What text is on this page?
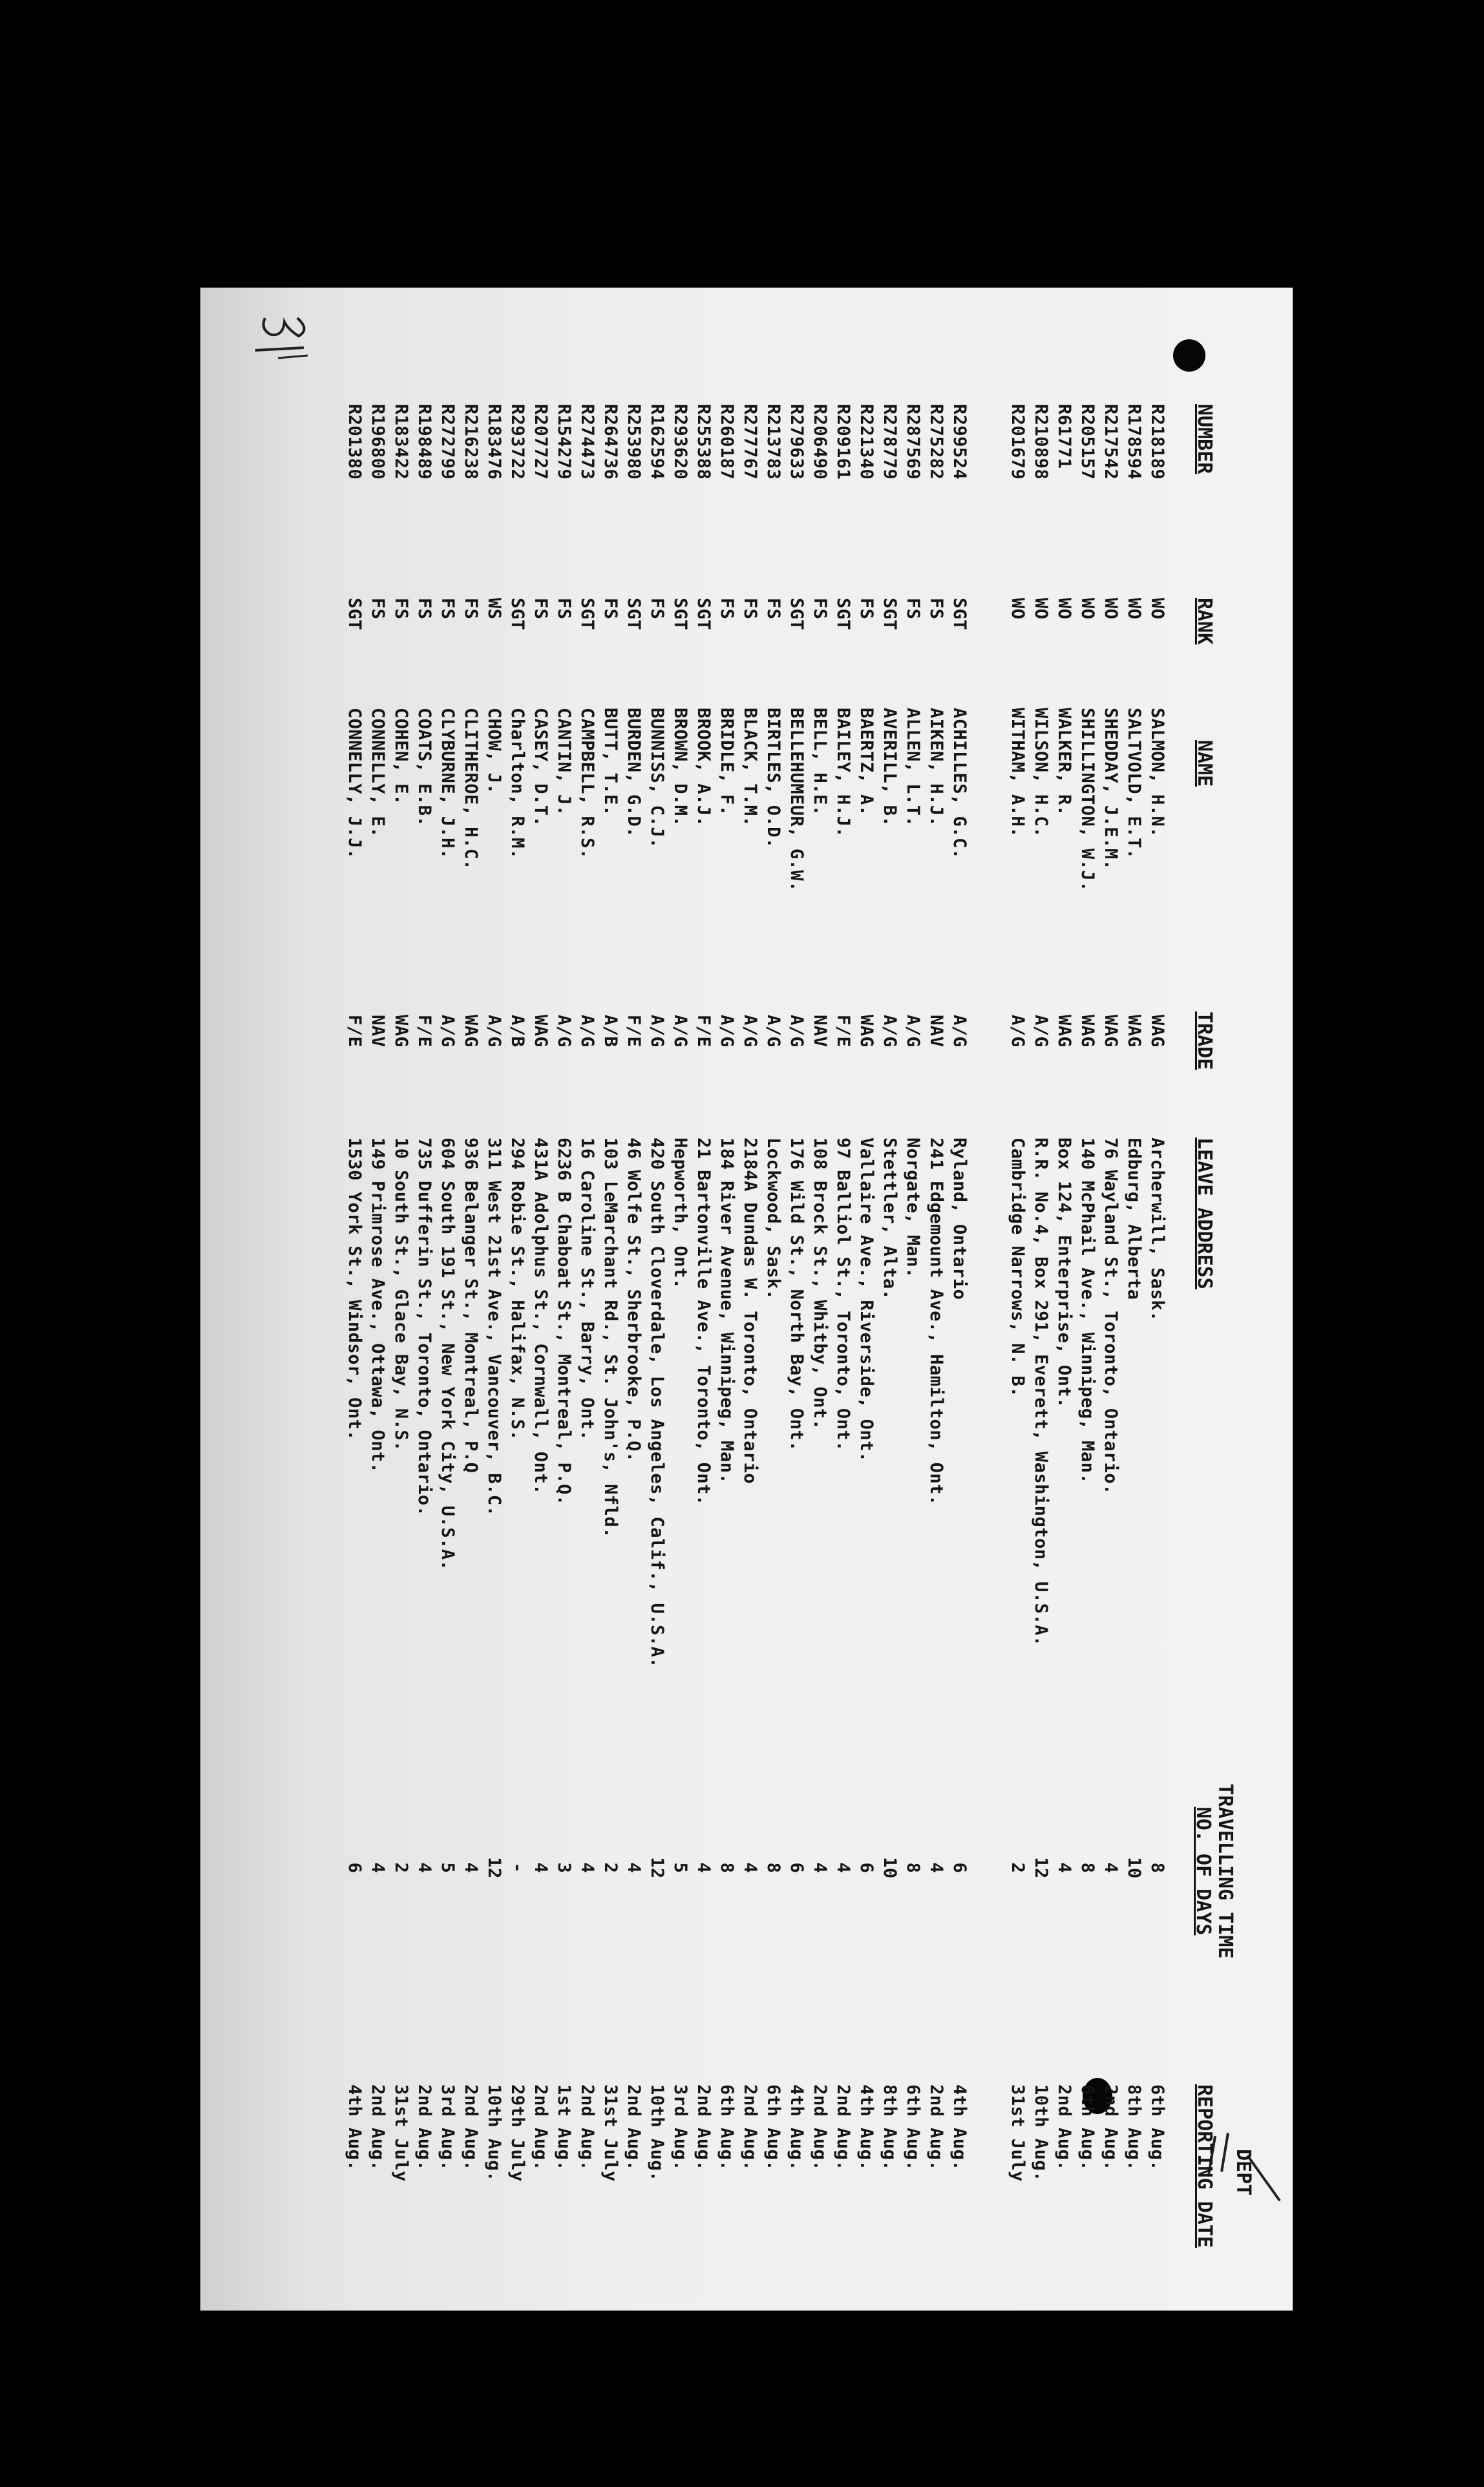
NUMBER
RANK
NAME
TRADE
LEAVE ADDRESS
TRAVELLING TIME
NO. OF DAYS
REPORTING DATE DEPT
R218189
WO
SALMON, H.N.
WAG
Archerwill, Sask.
8
6th Aug.
R178594
WO
SALTVOLD, E.T.
WAG
Edburg, Alberta
10
8th Aug.
R217542
WO
SHEDDAY, J.E.M.
WAG
76 Wayland St., Toronto, Ontario.
4
2nd Aug.
R205157
WO
SHILLINGTON, W.J.
WAG
140 McPhail Ave., Winnipeg, Man.
8
6th Aug.
R61771
WO
WALKER, R.
WAG
Box 124, Enterprise, Ont.
4
2nd Aug.
R210898
WO
WILSON, H.C.
A/G
R.R. No.4, Box 291, Everett, Washington, U.S.A.
12
10th Aug.
R201679
WO
WITHAM, A.H.
A/G
Cambridge Narrows, N. B.
2
31st July
R299524
SGT
ACHILLES, G.C.
A/G
Ryland, Ontario
6
4th Aug.
R275282
FS
AIKEN, H.J.
NAV
241 Edgemount Ave., Hamilton, Ont.
4
2nd Aug.
R287569
FS
ALLEN, L.T.
A/G
Norgate, Man.
8
6th Aug.
R278779
SGT
AVERILL, B.
A/G
Stettler, Alta.
10
8th Aug.
R221340
FS
BAERTZ, A.
WAG
Vallaire Ave., Riverside, Ont.
6
4th Aug.
R209161
SGT
BAILEY, H.J.
F/E
97 Balliol St., Toronto, Ont.
4
2nd Aug.
R206490
FS
BELL, H.E.
NAV
108 Brock St., Whitby, Ont.
4
2nd Aug.
R279633
SGT
BELLEHUMEUR, G.W.
A/G
176 Wild St., North Bay, Ont.
6
4th Aug.
R213783
FS
BIRTLES, O.D.
A/G
Lockwood, Sask.
8
6th Aug.
R277767
FS
BLACK, T.M.
A/G
2184A Dundas W. Toronto, Ontario
4
2nd Aug.
R260187
FS
BRIDLE, F.
A/G
184 River Avenue, Winnipeg, Man.
8
6th Aug.
R255388
SGT
BROOK, A.J.
F/E
21 Bartonville Ave., Toronto, Ont.
4
2nd Aug.
R293620
SGT
BROWN, D.M.
A/G
Hepworth, Ont.
5
3rd Aug.
R162594
FS
BUNNISS, C.J.
A/G
420 South Cloverdale, Los Angeles, Calif., U.S.A.
12
10th Aug.
R253980
SGT
BURDEN, G.D.
F/E
46 Wolfe St., Sherbrooke, P.Q.
4
2nd Aug.
R264736
FS
BUTT, T.E.
A/B
103 LeMarchant Rd., St. John's, Nfld.
2
31st July
R274473
SGT
CAMPBELL, R.S.
A/G
16 Caroline St., Barry, Ont.
4
2nd Aug.
R154279
FS
CANTIN, J.
A/G
6236 B Chaboat St., Montreal, P.Q.
3
1st Aug.
R207727
FS
CASEY, D.T.
WAG
431A Adolphus St., Cornwall, Ont.
4
2nd Aug.
R293722
SGT
Charlton, R.M.
A/B
294 Robie St., Halifax, N.S.
-
29th July
R183476
WS
CHOW, J.
A/G
311 West 21st Ave., Vancouver, B.C.
12
10th Aug.
R216238
FS
CLITHEROE, H.C.
WAG
936 Belanger St., Montreal, P.Q
4
2nd Aug.
R272799
FS
CLYBURNE, J.H.
A/G
604 South 191 St., New York City, U.S.A.
5
3rd Aug.
R198489
FS
COATS, E.B.
F/E
735 Dufferin St., Toronto, Ontario.
4
2nd Aug.
R183422
FS
COHEN, E.
WAG
10 South St., Glace Bay, N.S.
2
31st July
R196800
FS
CONNELLY, E.
NAV
149 Primrose Ave., Ottawa, Ont.
4
2nd Aug.
R201380
SGT
CONNELLY, J.J.
F/E
1530 York St., Windsor, Ont.
6
4th Aug.
